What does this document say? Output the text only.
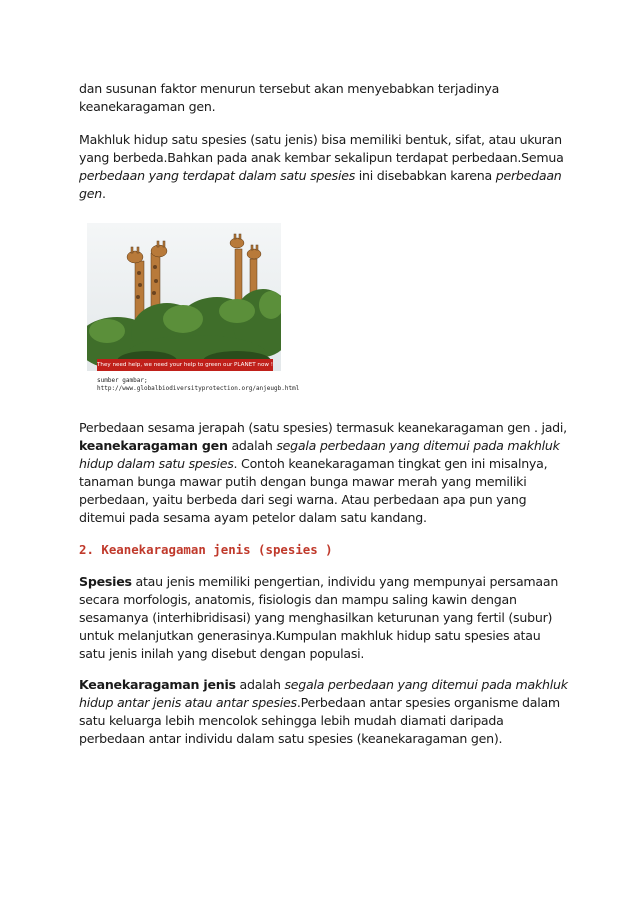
dan susunan faktor menurun tersebut akan menyebabkan terjadinya keanekaragaman gen.

Makhluk hidup satu spesies (satu jenis) bisa memiliki bentuk, sifat, atau ukuran yang berbeda.Bahkan pada anak kembar sekalipun terdapat perbedaan.Semua perbedaan yang terdapat dalam satu spesies ini disebabkan karena perbedaan gen.

They need help, we need your help to green our PLANET now !
sumber gambar;
http://www.globalbiodiversityprotection.org/anjeugb.html

Perbedaan sesama jerapah (satu spesies) termasuk keanekaragaman gen . jadi, keanekaragaman gen adalah segala perbedaan yang ditemui pada makhluk hidup dalam satu spesies. Contoh keanekaragaman tingkat gen ini misalnya, tanaman bunga mawar putih dengan bunga mawar merah yang memiliki perbedaan, yaitu berbeda dari segi warna. Atau perbedaan apa pun yang ditemui pada sesama ayam petelor dalam satu kandang.

2. Keanekaragaman jenis (spesies )

Spesies atau jenis memiliki pengertian, individu yang mempunyai persamaan secara morfologis, anatomis, fisiologis dan mampu saling kawin dengan sesamanya (interhibridisasi) yang menghasilkan keturunan yang fertil (subur) untuk melanjutkan generasinya.Kumpulan makhluk hidup satu spesies atau satu jenis inilah yang disebut dengan populasi.

Keanekaragaman jenis adalah segala perbedaan yang ditemui pada makhluk hidup antar jenis atau antar spesies.Perbedaan antar spesies organisme dalam satu keluarga lebih mencolok sehingga lebih mudah diamati daripada perbedaan antar individu dalam satu spesies (keanekaragaman gen).
